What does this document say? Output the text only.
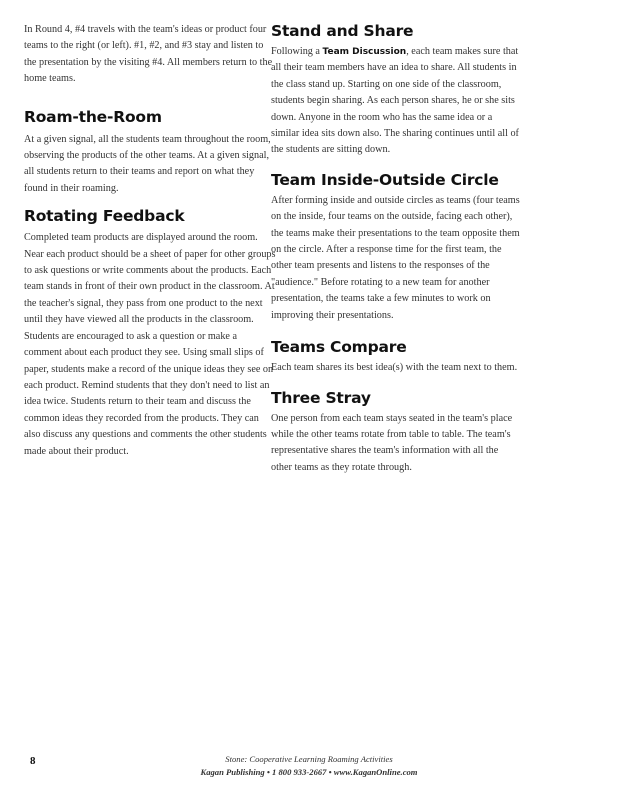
In Round 4, #4 travels with the team's ideas or product four teams to the right (or left). #1, #2, and #3 stay and listen to the presentation by the visiting #4. All members return to the home teams.

Roam-the-Room

At a given signal, all the students team throughout the room, observing the products of the other teams. At a given signal, all students return to their teams and report on what they found in their roaming.

Rotating Feedback

Completed team products are displayed around the room. Near each product should be a sheet of paper for other groups to ask questions or write comments about the products. Each team stands in front of their own product in the classroom. At the teacher's signal, they pass from one product to the next until they have viewed all the products in the classroom. Students are encouraged to ask a question or make a comment about each product they see. Using small slips of paper, students make a record of the unique ideas they see on each product. Remind students that they don't need to list an idea twice. Students return to their team and discuss the common ideas they recorded from the products. They can also discuss any questions and comments the other students made about their product.

Stand and Share

Following a Team Discussion, each team makes sure that all their team members have an idea to share. All students in the class stand up. Starting on one side of the classroom, students begin sharing. As each person shares, he or she sits down. Anyone in the room who has the same idea or a similar idea sits down also. The sharing continues until all of the students are sitting down.

Team Inside-Outside Circle

After forming inside and outside circles as teams (four teams on the inside, four teams on the outside, facing each other), the teams make their presentations to the team opposite them on the circle. After a response time for the first team, the other team presents and listens to the responses of the "audience." Before rotating to a new team for another presentation, the teams take a few minutes to work on improving their presentations.

Teams Compare

Each team shares its best idea(s) with the team next to them.

Three Stray

One person from each team stays seated in the team's place while the other teams rotate from table to table. The team's representative shares the team's information with all the other teams as they rotate through.

8	Stone: Cooperative Learning Roaming Activities
Kagan Publishing • 1 800 933-2667 • www.KaganOnline.com
